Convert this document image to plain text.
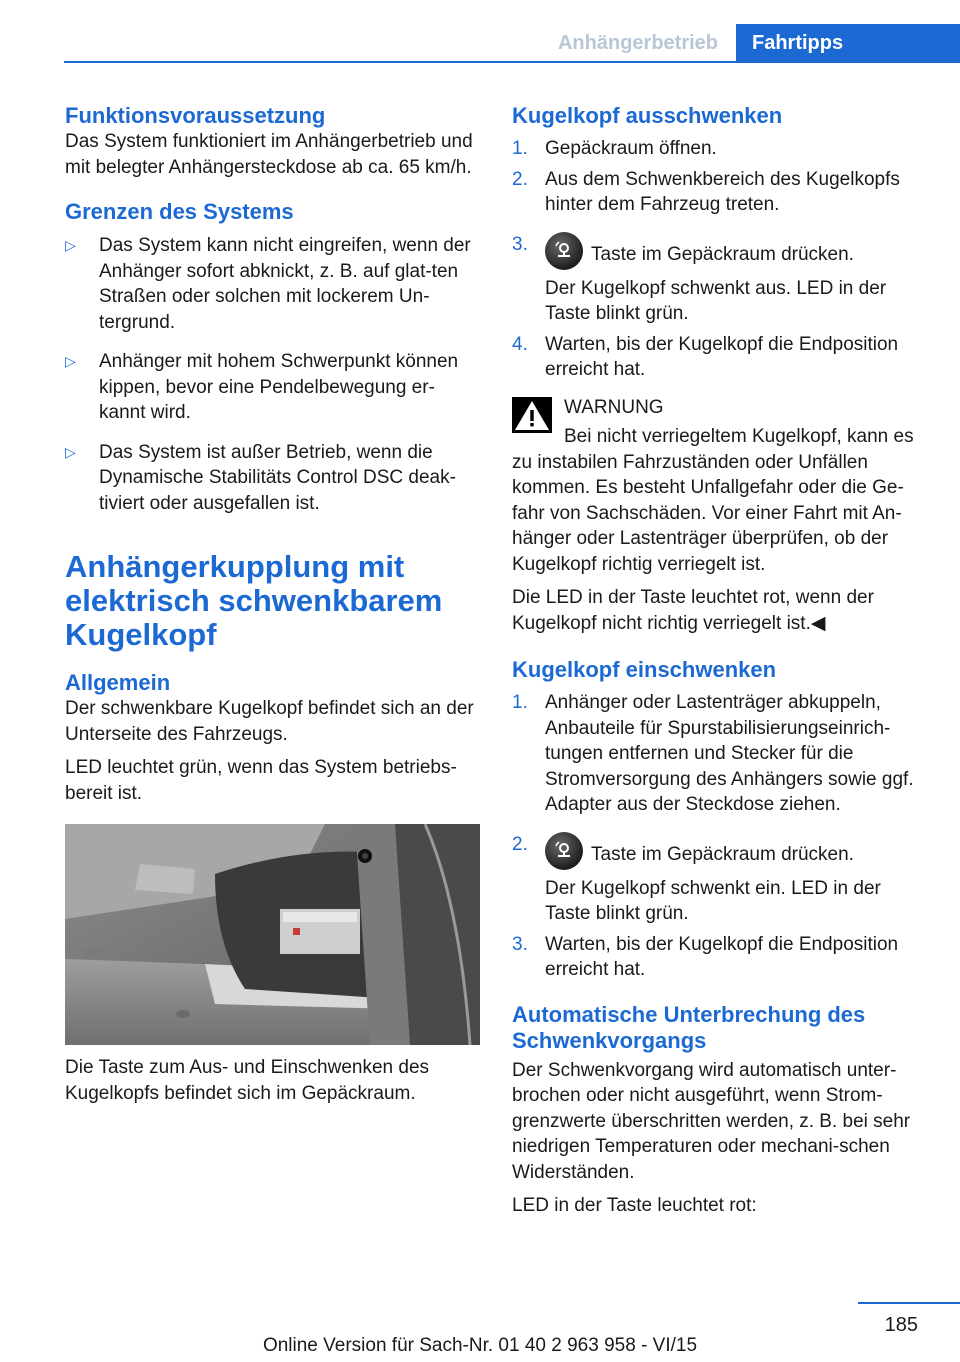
Anhängerbetrieb	Fahrtipps
Funktionsvoraussetzung

Das System funktioniert im Anhängerbetrieb und mit belegter Anhängersteckdose ab ca. 65 km/h.

Grenzen des Systems
▷ Das System kann nicht eingreifen, wenn der Anhänger sofort abknickt, z. B. auf glat‐ten Straßen oder solchen mit lockerem Un‐tergrund.
▷ Anhänger mit hohem Schwerpunkt können kippen, bevor eine Pendelbewegung er‐kannt wird.
▷ Das System ist außer Betrieb, wenn die Dynamische Stabilitäts Control DSC deak‐tiviert oder ausgefallen ist.
Anhängerkupplung mit elektrisch schwenkbarem Kugelkopf
Allgemein

Der schwenkbare Kugelkopf befindet sich an der Unterseite des Fahrzeugs.

LED leuchtet grün, wenn das System betriebs‐bereit ist.

Die Taste zum Aus- und Einschwenken des Kugelkopfs befindet sich im Gepäckraum.

Kugelkopf ausschwenken
1. Gepäckraum öffnen.
2. Aus dem Schwenkbereich des Kugelkopfs hinter dem Fahrzeug treten.
3.	Taste im Gepäckraum drücken.
Der Kugelkopf schwenkt aus. LED in der Taste blinkt grün.
4. Warten, bis der Kugelkopf die Endposition erreicht hat.
WARNUNG
Bei nicht verriegeltem Kugelkopf, kann es zu instabilen Fahrzuständen oder Unfällen kommen. Es besteht Unfallgefahr oder die Ge‐fahr von Sachschäden. Vor einer Fahrt mit An‐hänger oder Lastenträger überprüfen, ob der Kugelkopf richtig verriegelt ist.

Die LED in der Taste leuchtet rot, wenn der Kugelkopf nicht richtig verriegelt ist.◀

Kugelkopf einschwenken
1. Anhänger oder Lastenträger abkuppeln, Anbauteile für Spurstabilisierungseinrich‐tungen entfernen und Stecker für die Stromversorgung des Anhängers sowie ggf. Adapter aus der Steckdose ziehen.
2.	Taste im Gepäckraum drücken.
Der Kugelkopf schwenkt ein. LED in der Taste blinkt grün.
3. Warten, bis der Kugelkopf die Endposition erreicht hat.
Automatische Unterbrechung des Schwenkvorgangs

Der Schwenkvorgang wird automatisch unter‐brochen oder nicht ausgeführt, wenn Strom‐grenzwerte überschritten werden, z. B. bei sehr niedrigen Temperaturen oder mechani‐schen Widerständen.

LED in der Taste leuchtet rot:

185
Online Version für Sach-Nr. 01 40 2 963 958 - VI/15
